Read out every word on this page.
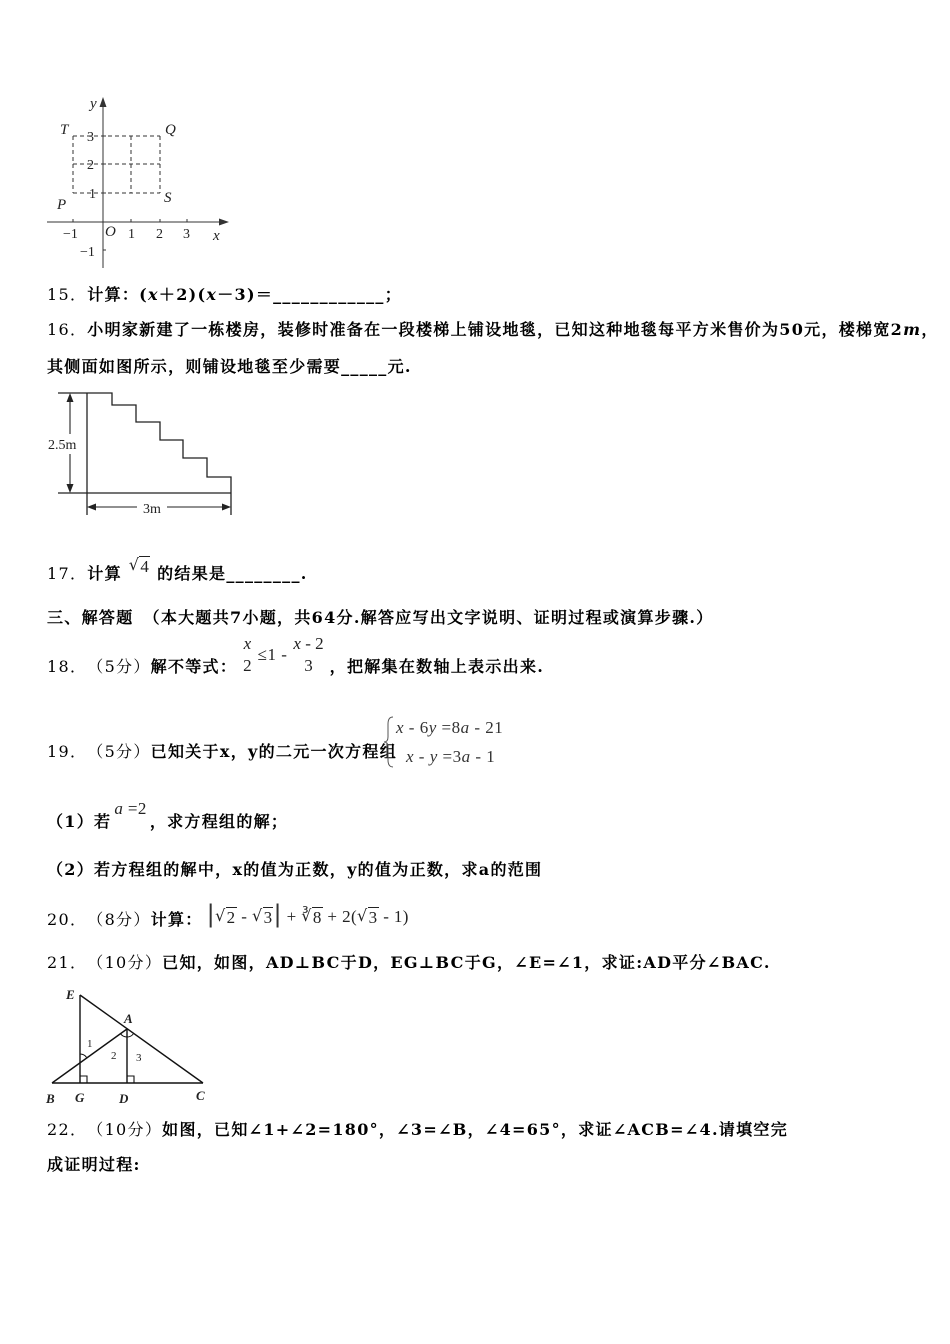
y
T	Q
3
2
1
P	S
−1 O 1 2 3 x
−1
15． 计算： ( x ＋2)( x －3)＝ ____________ ；
16． 小明家新建了一栋楼房，装修时准备在一段楼梯上铺设地毯，已知这种地毯每平方米售价为 50 元，楼梯宽 2 m ，
其侧面如图所示，则铺设地毯至少需要 _____ 元.
2.5m
3m
17． 计算 √ 4 的结果是 ________ .
三、解答题 （本大题共7小题，共64分.解答应写出文字说明、证明过程或演算步骤.）
18． （5分） 解不等式：
x
2
≤1 -
x - 2
3 ，把解集在数轴上表示出来.
19． （5分） 已知关于x，y的二元一次方程组
x - 6 y =8 a - 21
x - y =3 a - 1
（1） 若
a =2
，求方程组的解；
（2） 若方程组的解中，x的值为正数，y的值为正数，求a的范围
20． （8分） 计算： | √ 2 - √ 3 | + ∛ 8 + 2( √ 3 - 1)
21． （10分） 已知，如图，AD⊥BC于D，EG⊥BC于G，∠E=∠1，求证:AD平分∠BAC.
E
A
1
2 3
B G	D	C
22． （10分） 如图，已知∠1+∠2=180°，∠3=∠B，∠4=65°，求证∠ACB=∠4.请填空完
成证明过程:
